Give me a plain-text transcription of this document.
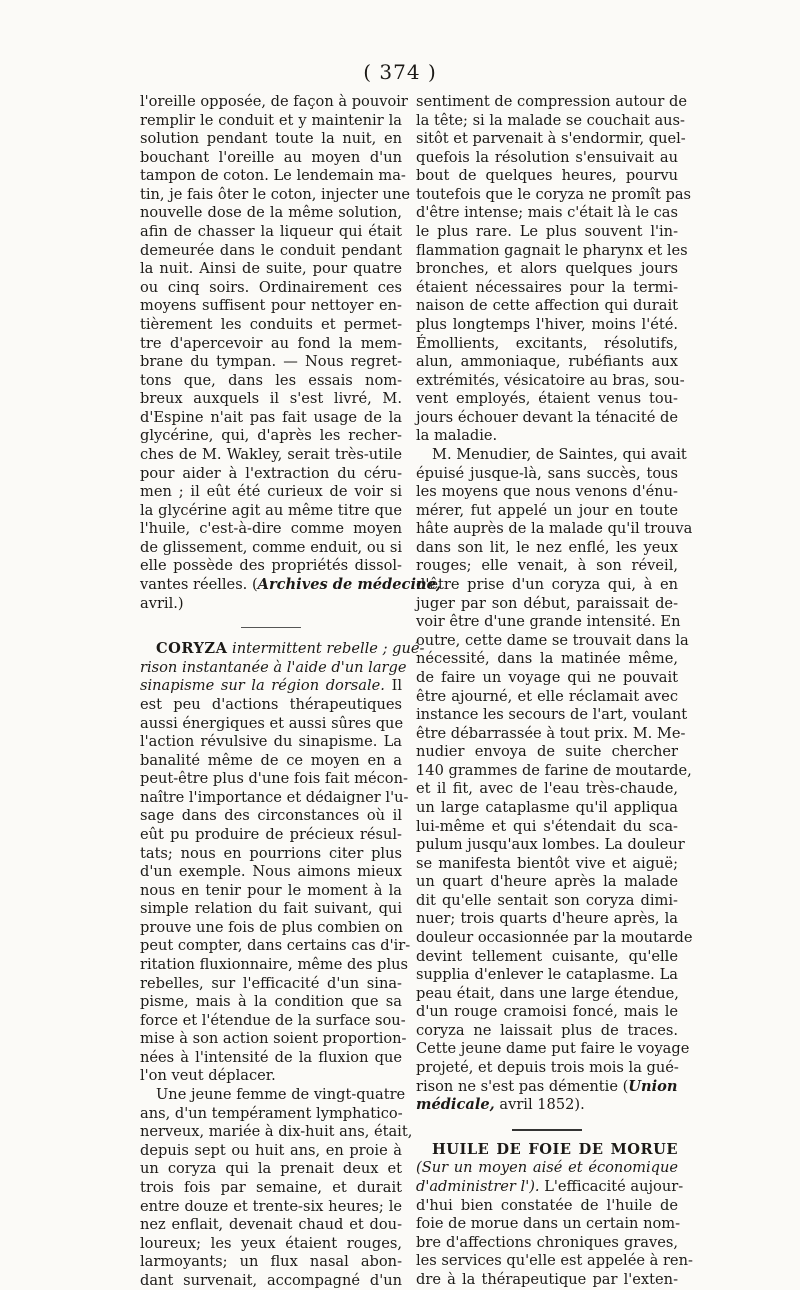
( 374 )

l'oreille opposée, de façon à pouvoir
remplir le conduit et y maintenir la
solution pendant toute la nuit, en
bouchant l'oreille au moyen d'un
tampon de coton. Le lendemain ma-
tin, je fais ôter le coton, injecter une
nouvelle dose de la même solution,
afin de chasser la liqueur qui était
demeurée dans le conduit pendant
la nuit. Ainsi de suite, pour quatre
ou cinq soirs. Ordinairement ces
moyens suffisent pour nettoyer en-
tièrement les conduits et permet-
tre d'apercevoir au fond la mem-
brane du tympan. — Nous regret-
tons que, dans les essais nom-
breux auxquels il s'est livré, M.
d'Espine n'ait pas fait usage de la
glycérine, qui, d'après les recher-
ches de M. Wakley, serait très-utile
pour aider à l'extraction du céru-
men ; il eût été curieux de voir si
la glycérine agit au même titre que
l'huile, c'est-à-dire comme moyen
de glissement, comme enduit, ou si
elle possède des propriétés dissol-

vantes réelles. (Archives de médecine,
avril.)

CORYZA intermittent rebelle ; gué-
rison instantanée à l'aide d'un large
sinapisme sur la région dorsale. Il

est peu d'actions thérapeutiques
aussi énergiques et aussi sûres que
l'action révulsive du sinapisme. La
banalité même de ce moyen en a
peut-être plus d'une fois fait mécon-
naître l'importance et dédaigner l'u-
sage dans des circonstances où il
eût pu produire de précieux résul-
tats; nous en pourrions citer plus
d'un exemple. Nous aimons mieux
nous en tenir pour le moment à la
simple relation du fait suivant, qui
prouve une fois de plus combien on
peut compter, dans certains cas d'ir-
ritation fluxionnaire, même des plus
rebelles, sur l'efficacité d'un sina-
pisme, mais à la condition que sa
force et l'étendue de la surface sou-
mise à son action soient proportion-
nées à l'intensité de la fluxion que
l'on veut déplacer.

Une jeune femme de vingt-quatre
ans, d'un tempérament lymphatico-
nerveux, mariée à dix-huit ans, était,
depuis sept ou huit ans, en proie à
un coryza qui la prenait deux et
trois fois par semaine, et durait
entre douze et trente-six heures; le
nez enflait, devenait chaud et dou-
loureux; les yeux étaient rouges,
larmoyants; un flux nasal abon-
dant survenait, accompagné d'un

sentiment de compression autour de
la tête; si la malade se couchait aus-
sitôt et parvenait à s'endormir, quel-
quefois la résolution s'ensuivait au
bout de quelques heures, pourvu
toutefois que le coryza ne promît pas
d'être intense; mais c'était là le cas
le plus rare. Le plus souvent l'in-
flammation gagnait le pharynx et les
bronches, et alors quelques jours
étaient nécessaires pour la termi-
naison de cette affection qui durait
plus longtemps l'hiver, moins l'été.
Émollients, excitants, résolutifs,
alun, ammoniaque, rubéfiants aux
extrémités, vésicatoire au bras, sou-
vent employés, étaient venus tou-
jours échouer devant la ténacité de
la maladie.

M. Menudier, de Saintes, qui avait
épuisé jusque-là, sans succès, tous
les moyens que nous venons d'énu-
mérer, fut appelé un jour en toute
hâte auprès de la malade qu'il trouva
dans son lit, le nez enflé, les yeux
rouges; elle venait, à son réveil,
d'être prise d'un coryza qui, à en
juger par son début, paraissait de-
voir être d'une grande intensité. En
outre, cette dame se trouvait dans la
nécessité, dans la matinée même,
de faire un voyage qui ne pouvait
être ajourné, et elle réclamait avec
instance les secours de l'art, voulant
être débarrassée à tout prix. M. Me-
nudier envoya de suite chercher
140 grammes de farine de moutarde,
et il fit, avec de l'eau très-chaude,
un large cataplasme qu'il appliqua
lui-même et qui s'étendait du sca-
pulum jusqu'aux lombes. La douleur
se manifesta bientôt vive et aiguë;
un quart d'heure après la malade
dit qu'elle sentait son coryza dimi-
nuer; trois quarts d'heure après, la
douleur occasionnée par la moutarde
devint tellement cuisante, qu'elle
supplia d'enlever le cataplasme. La
peau était, dans une large étendue,
d'un rouge cramoisi foncé, mais le
coryza ne laissait plus de traces.
Cette jeune dame put faire le voyage
projeté, et depuis trois mois la gué-

rison ne s'est pas démentie (Union
médicale, avril 1852).

HUILE DE FOIE DE MORUE
(Sur un moyen aisé et économique
d'administrer l'). L'efficacité aujour-

d'hui bien constatée de l'huile de
foie de morue dans un certain nom-
bre d'affections chroniques graves,
les services qu'elle est appelée à ren-
dre à la thérapeutique par l'exten-
